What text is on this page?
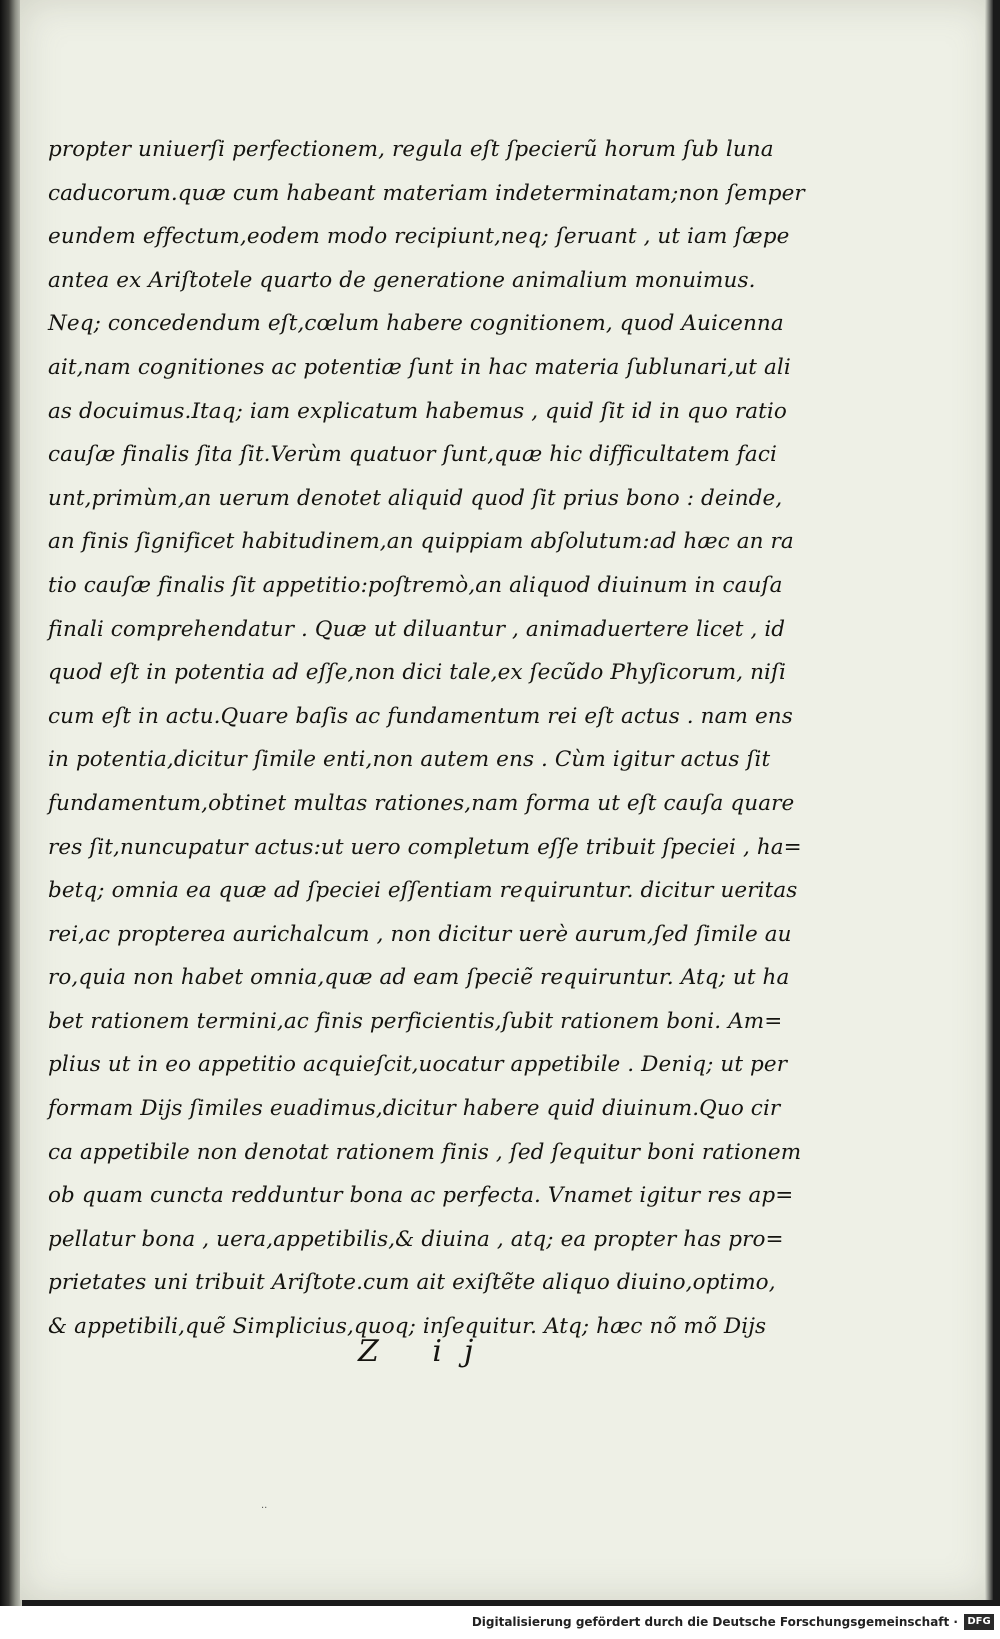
propter uniuerſi perfectionem, regula eſt ſpecierũ horum ſub luna
caducorum.quæ cum habeant materiam indeterminatam;non ſemper
eundem effectum,eodem modo recipiunt,neq; ſeruant , ut iam ſæpe
antea ex Ariſtotele quarto de generatione animalium monuimus.
Neq; concedendum eſt,cœlum habere cognitionem, quod Auicenna
ait,nam cognitiones ac potentiæ ſunt in hac materia ſublunari,ut ali
as docuimus.Itaq; iam explicatum habemus , quid ſit id in quo ratio
cauſæ finalis ſita ſit.Verùm quatuor ſunt,quæ hic difficultatem faci
unt,primùm,an uerum denotet aliquid quod ſit prius bono : deinde,
an finis ſignificet habitudinem,an quippiam abſolutum:ad hæc an ra
tio cauſæ finalis ſit appetitio:poſtremò,an aliquod diuinum in cauſa
finali comprehendatur . Quæ ut diluantur , animaduertere licet , id
quod eſt in potentia ad eſſe,non dici tale,ex ſecũdo Phyſicorum, niſi
cum eſt in actu.Quare baſis ac fundamentum rei eſt actus . nam ens
in potentia,dicitur ſimile enti,non autem ens . Cùm igitur actus ſit
fundamentum,obtinet multas rationes,nam forma ut eſt cauſa quare
res ſit,nuncupatur actus:ut uero completum eſſe tribuit ſpeciei , ha=
betq; omnia ea quæ ad ſpeciei eſſentiam requiruntur. dicitur ueritas
rei,ac propterea aurichalcum , non dicitur uerè aurum,ſed ſimile au
ro,quia non habet omnia,quæ ad eam ſpeciẽ requiruntur. Atq; ut ha
bet rationem termini,ac finis perficientis,ſubit rationem boni. Am=
plius ut in eo appetitio acquieſcit,uocatur appetibile . Deniq; ut per
formam Dijs ſimiles euadimus,dicitur habere quid diuinum.Quo cir
ca appetibile non denotat rationem finis , ſed ſequitur boni rationem
ob quam cuncta redduntur bona ac perfecta. Vnamet igitur res ap=
pellatur bona , uera,appetibilis,& diuina , atq; ea propter has pro=
prietates uni tribuit Ariſtote.cum ait exiſtẽte aliquo diuino,optimo,
& appetibili,quẽ Simplicius,quoq; inſequitur. Atq; hæc nõ mõ Dijs
Z ij
··
Digitalisierung gefördert durch die Deutsche Forschungsgemeinschaft · DFG
